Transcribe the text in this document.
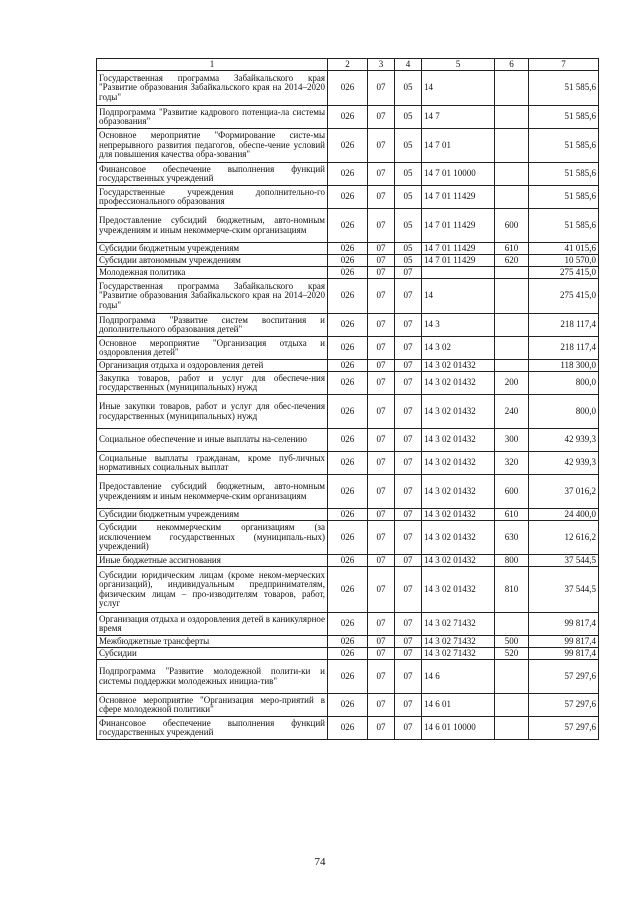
1	2	3	4	5	6	7
Государственная программа Забайкальского края "Развитие образования Забайкальского края на 2014–2020 годы"	026	07	05	14		51 585,6
Подпрограмма "Развитие кадрового потенциа-ла системы образования"	026	07	05	14 7		51 585,6
Основное мероприятие "Формирование систе-мы непрерывного развития педагогов, обеспе-чение условий для повышения качества обра-зования"	026	07	05	14 7 01		51 585,6
Финансовое обеспечение выполнения функций государственных учреждений	026	07	05	14 7 01 10000		51 585,6
Государственные учреждения дополнительно-го профессионального образования	026	07	05	14 7 01 11429		51 585,6
Предоставление субсидий бюджетным, авто-номным учреждениям и иным некоммерче-ским организациям	026	07	05	14 7 01 11429	600	51 585,6
Субсидии бюджетным учреждениям	026	07	05	14 7 01 11429	610	41 015,6
Субсидии автономным учреждениям	026	07	05	14 7 01 11429	620	10 570,0
Молодежная политика	026	07	07			275 415,0
Государственная программа Забайкальского края "Развитие образования Забайкальского края на 2014–2020 годы"	026	07	07	14		275 415,0
Подпрограмма "Развитие систем воспитания и дополнительного образования детей"	026	07	07	14 3		218 117,4
Основное мероприятие "Организация отдыха и оздоровления детей"	026	07	07	14 3 02		218 117,4
Организация отдыха и оздоровления детей	026	07	07	14 3 02 01432		118 300,0
Закупка товаров, работ и услуг для обеспече-ния государственных (муниципальных) нужд	026	07	07	14 3 02 01432	200	800,0
Иные закупки товаров, работ и услуг для обес-печения государственных (муниципальных) нужд	026	07	07	14 3 02 01432	240	800,0
Социальное обеспечение и иные выплаты на-селению	026	07	07	14 3 02 01432	300	42 939,3
Социальные выплаты гражданам, кроме пуб-личных нормативных социальных выплат	026	07	07	14 3 02 01432	320	42 939,3
Предоставление субсидий бюджетным, авто-номным учреждениям и иным некоммерче-ским организациям	026	07	07	14 3 02 01432	600	37 016,2
Субсидии бюджетным учреждениям	026	07	07	14 3 02 01432	610	24 400,0
Субсидии некоммерческим организациям (за исключением государственных (муниципаль-ных) учреждений)	026	07	07	14 3 02 01432	630	12 616,2
Иные бюджетные ассигнования	026	07	07	14 3 02 01432	800	37 544,5
Субсидии юридическим лицам (кроме неком-мерческих организаций), индивидуальным предпринимателям, физическим лицам – про-изводителям товаров, работ, услуг	026	07	07	14 3 02 01432	810	37 544,5
Организация отдыха и оздоровления детей в каникулярное время	026	07	07	14 3 02 71432		99 817,4
Межбюджетные трансферты	026	07	07	14 3 02 71432	500	99 817,4
Субсидии	026	07	07	14 3 02 71432	520	99 817,4
Подпрограмма "Развитие молодежной полити-ки и системы поддержки молодежных инициа-тив"	026	07	07	14 6		57 297,6
Основное мероприятие "Организация меро-приятий в сфере молодежной политики"	026	07	07	14 6 01		57 297,6
Финансовое обеспечение выполнения функций государственных учреждений	026	07	07	14 6 01 10000		57 297,6
74
